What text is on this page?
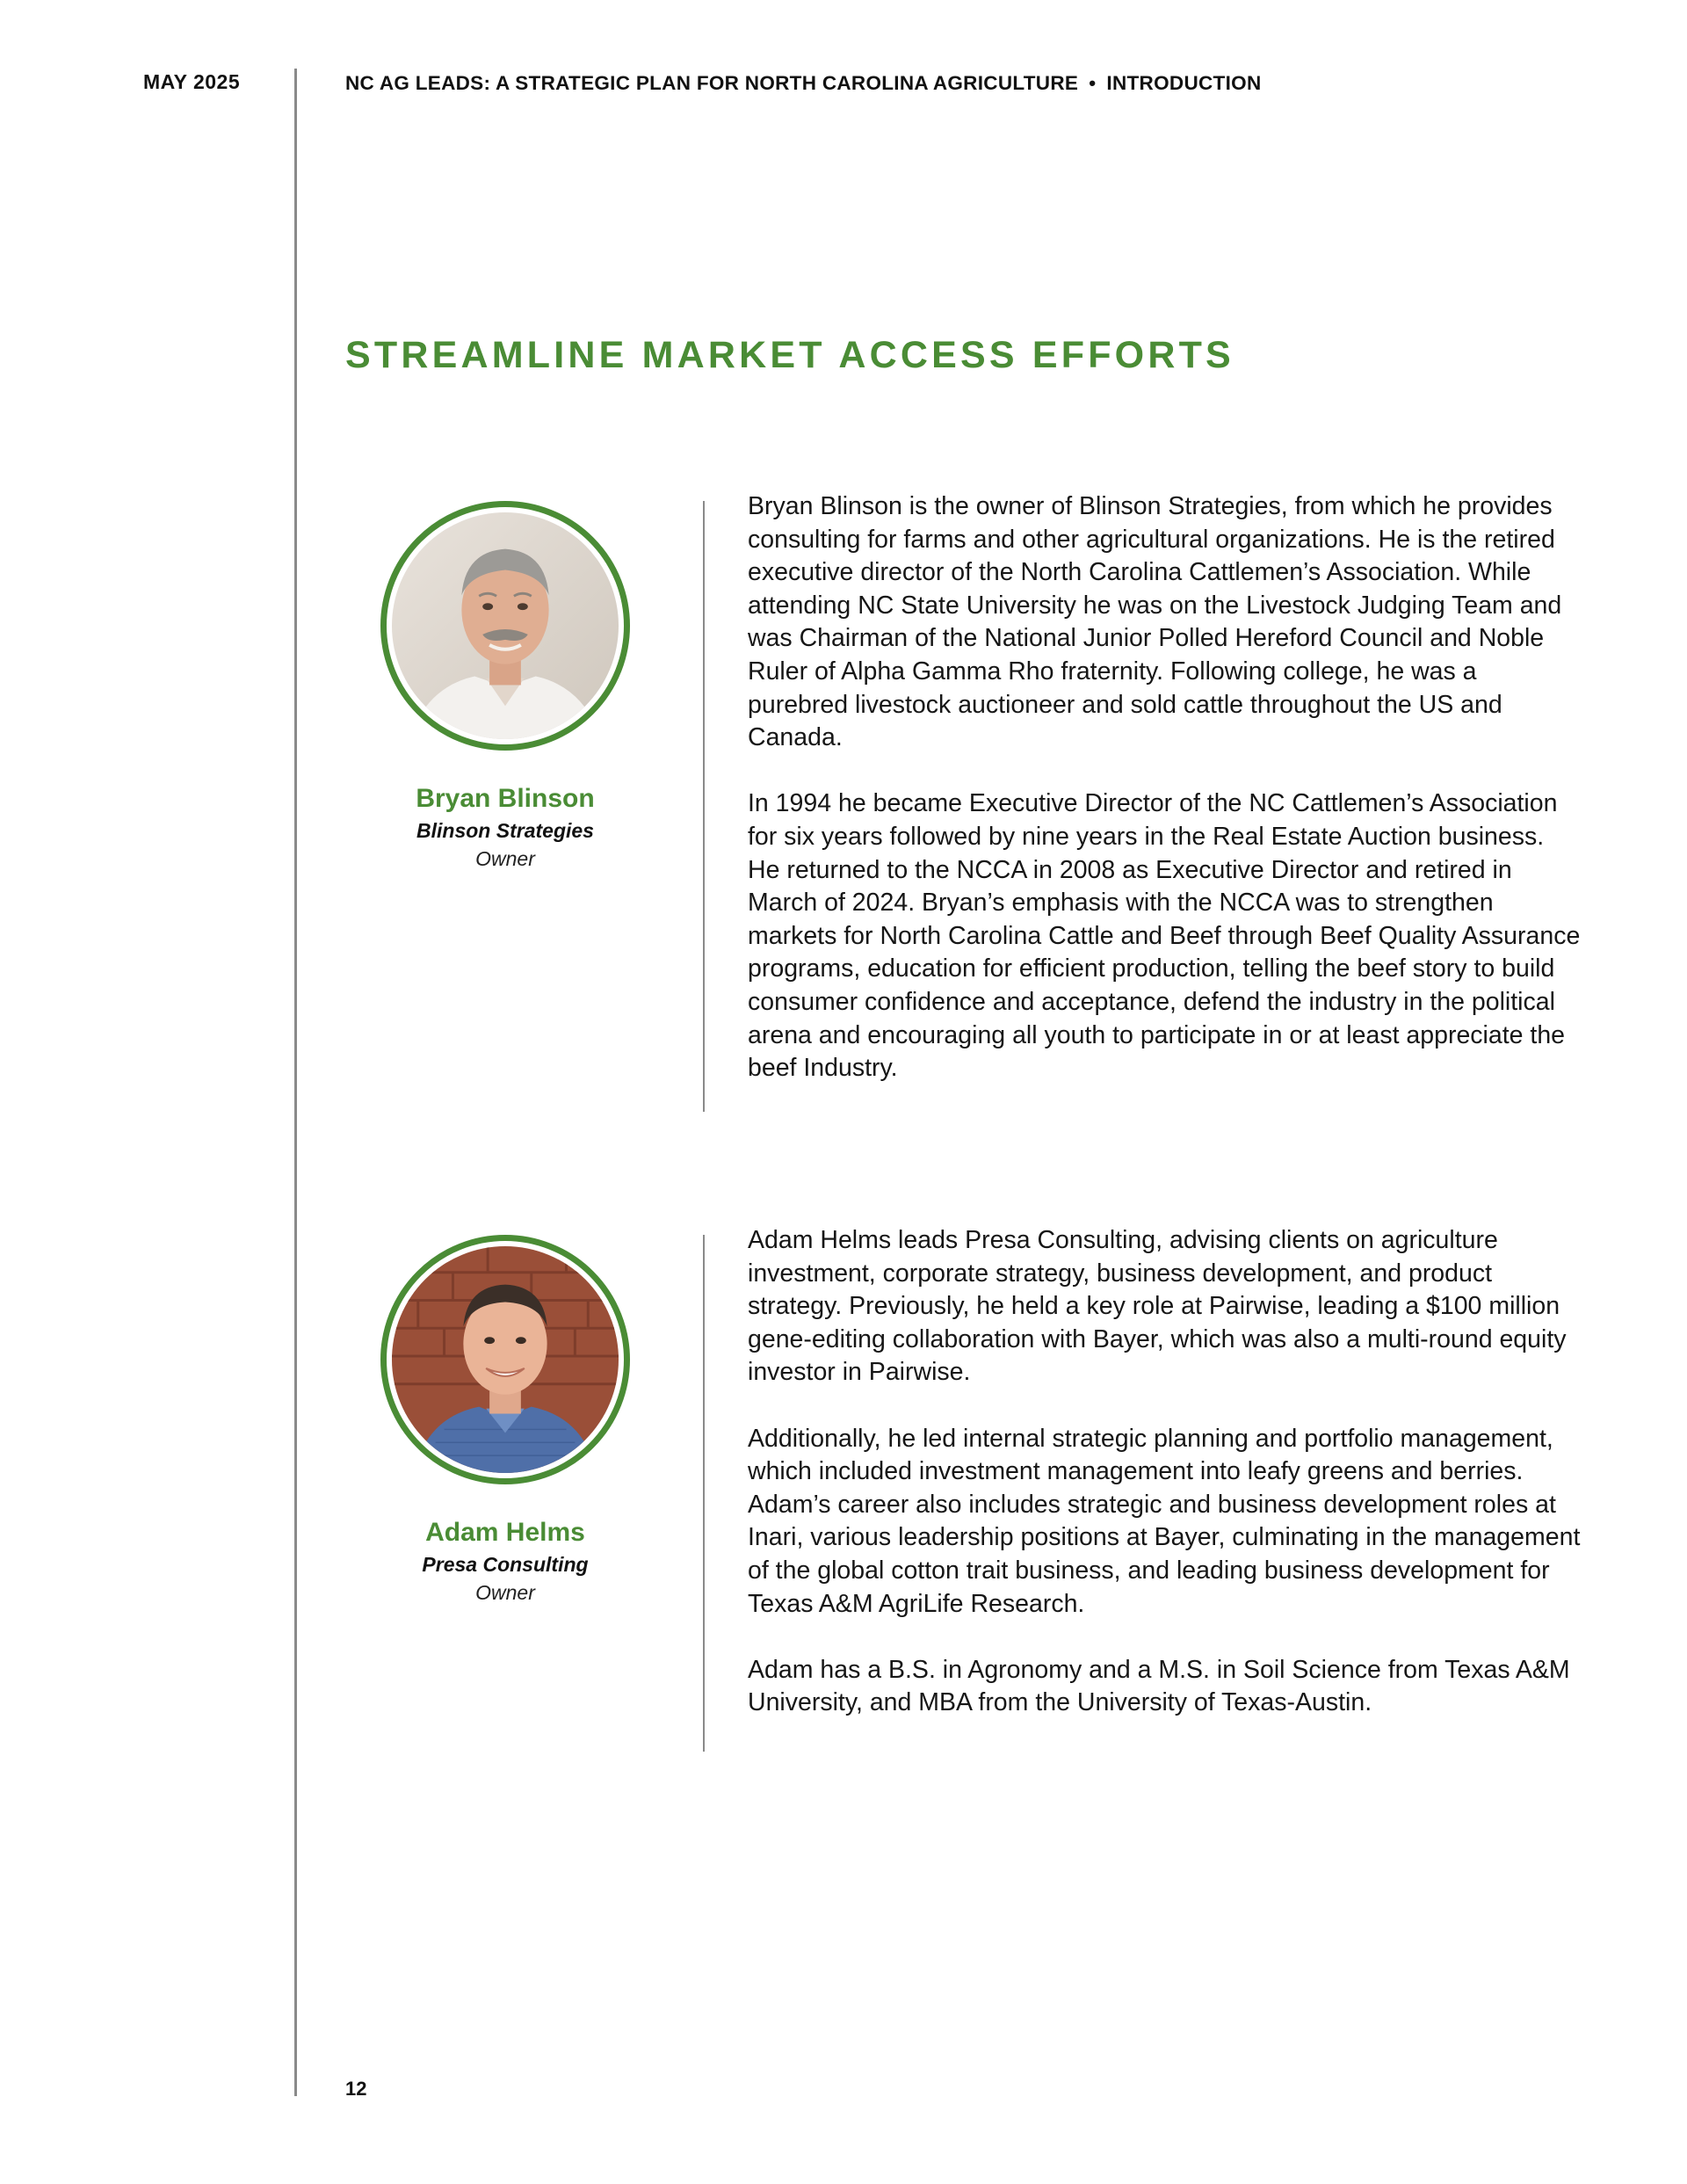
MAY 2025	NC AG LEADS: A STRATEGIC PLAN FOR NORTH CAROLINA AGRICULTURE • INTRODUCTION
STREAMLINE MARKET ACCESS EFFORTS
Bryan Blinson
Blinson Strategies
Owner

Bryan Blinson is the owner of Blinson Strategies, from which he provides consulting for farms and other agricultural organizations. He is the retired executive director of the North Carolina Cattlemen’s Association. While attending NC State University he was on the Livestock Judging Team and was Chairman of the National Junior Polled Hereford Council and Noble Ruler of Alpha Gamma Rho fraternity. Following college, he was a purebred livestock auctioneer and sold cattle throughout the US and Canada.

In 1994 he became Executive Director of the NC Cattlemen’s Association for six years followed by nine years in the Real Estate Auction business. He returned to the NCCA in 2008 as Executive Director and retired in March of 2024. Bryan’s emphasis with the NCCA was to strengthen markets for North Carolina Cattle and Beef through Beef Quality Assurance programs, education for efficient production, telling the beef story to build consumer confidence and acceptance, defend the industry in the political arena and encouraging all youth to participate in or at least appreciate the beef Industry.

Adam Helms
Presa Consulting
Owner

Adam Helms leads Presa Consulting, advising clients on agriculture investment, corporate strategy, business development, and product strategy. Previously, he held a key role at Pairwise, leading a $100 million gene-editing collaboration with Bayer, which was also a multi-round equity investor in Pairwise.

Additionally, he led internal strategic planning and portfolio management, which included investment management into leafy greens and berries. Adam’s career also includes strategic and business development roles at Inari, various leadership positions at Bayer, culminating in the management of the global cotton trait business, and leading business development for Texas A&M AgriLife Research.

Adam has a B.S. in Agronomy and a M.S. in Soil Science from Texas A&M University, and MBA from the University of Texas-Austin.

12
